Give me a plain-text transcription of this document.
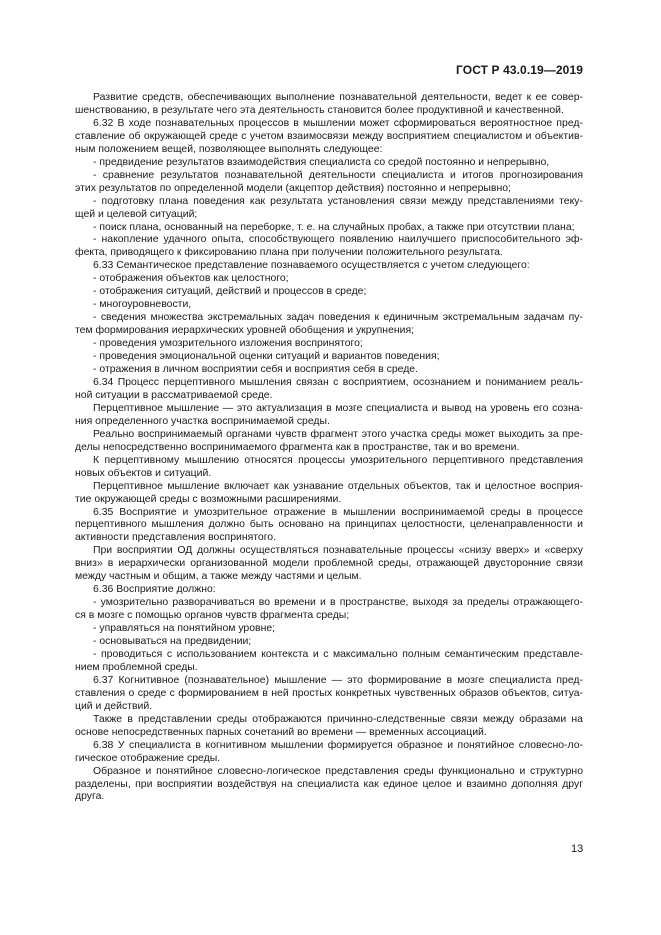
ГОСТ Р 43.0.19—2019
Развитие средств, обеспечивающих выполнение познавательной деятельности, ведет к ее совер-
шенствованию, в результате чего эта деятельность становится более продуктивной и качественной.
6.32 В ходе познавательных процессов в мышлении может сформироваться вероятностное пред-
ставление об окружающей среде с учетом взаимосвязи между восприятием специалистом и объектив-
ным положением вещей, позволяющее выполнять следующее:
- предвидение результатов взаимодействия специалиста со средой постоянно и непрерывно,
- сравнение результатов познавательной деятельности специалиста и итогов прогнозирования
этих результатов по определенной модели (акцептор действия) постоянно и непрерывно;
- подготовку плана поведения как результата установления связи между представлениями теку-
щей и целевой ситуаций;
- поиск плана, основанный на переборке, т. е. на случайных пробах, а также при отсутствии плана;
- накопление удачного опыта, способствующего появлению наилучшего приспособительного эф-
фекта, приводящего к фиксированию плана при получении положительного результата.
6.33 Семантическое представление познаваемого осуществляется с учетом следующего:
- отображения объектов как целостного;
- отображения ситуаций, действий и процессов в среде;
- многоуровневости,
- сведения множества экстремальных задач поведения к единичным экстремальным задачам пу-
тем формирования иерархических уровней обобщения и укрупнения;
- проведения умозрительного изложения воспринятого;
- проведения эмоциональной оценки ситуаций и вариантов поведения;
- отражения в личном восприятии себя и восприятия себя в среде.
6.34 Процесс перцептивного мышления связан с восприятием, осознанием и пониманием реаль-
ной ситуации в рассматриваемой среде.
Перцептивное мышление — это актуализация в мозге специалиста и вывод на уровень его созна-
ния определенного участка воспринимаемой среды.
Реально воспринимаемый органами чувств фрагмент этого участка среды может выходить за пре-
делы непосредственно воспринимаемого фрагмента как в пространстве, так и во времени.
К перцептивному мышлению относятся процессы умозрительного перцептивного представления
новых объектов и ситуаций.
Перцептивное мышление включает как узнавание отдельных объектов, так и целостное восприя-
тие окружающей среды с возможными расширениями.
6.35 Восприятие и умозрительное отражение в мышлении воспринимаемой среды в процессе
перцептивного мышления должно быть основано на принципах целостности, целенаправленности и
активности представления воспринятого.
При восприятии ОД должны осуществляться познавательные процессы «снизу вверх» и «сверху
вниз» в иерархически организованной модели проблемной среды, отражающей двусторонние связи
между частным и общим, а также между частями и целым.
6.36 Восприятие должно:
- умозрительно разворачиваться во времени и в пространстве, выходя за пределы отражающего-
ся в мозге с помощью органов чувств фрагмента среды;
- управляться на понятийном уровне;
- основываться на предвидении;
- проводиться с использованием контекста и с максимально полным семантическим представле-
нием проблемной среды.
6.37 Когнитивное (познавательное) мышление — это формирование в мозге специалиста пред-
ставления о среде с формированием в ней простых конкретных чувственных образов объектов, ситуа-
ций и действий.
Также в представлении среды отображаются причинно-следственные связи между образами на
основе непосредственных парных сочетаний во времени — временных ассоциаций.
6.38 У специалиста в когнитивном мышлении формируется образное и понятийное словесно-ло-
гическое отображение среды.
Образное и понятийное словесно-логическое представления среды функционально и структурно
разделены, при восприятии воздействуя на специалиста как единое целое и взаимно дополняя друг
друга.
13
